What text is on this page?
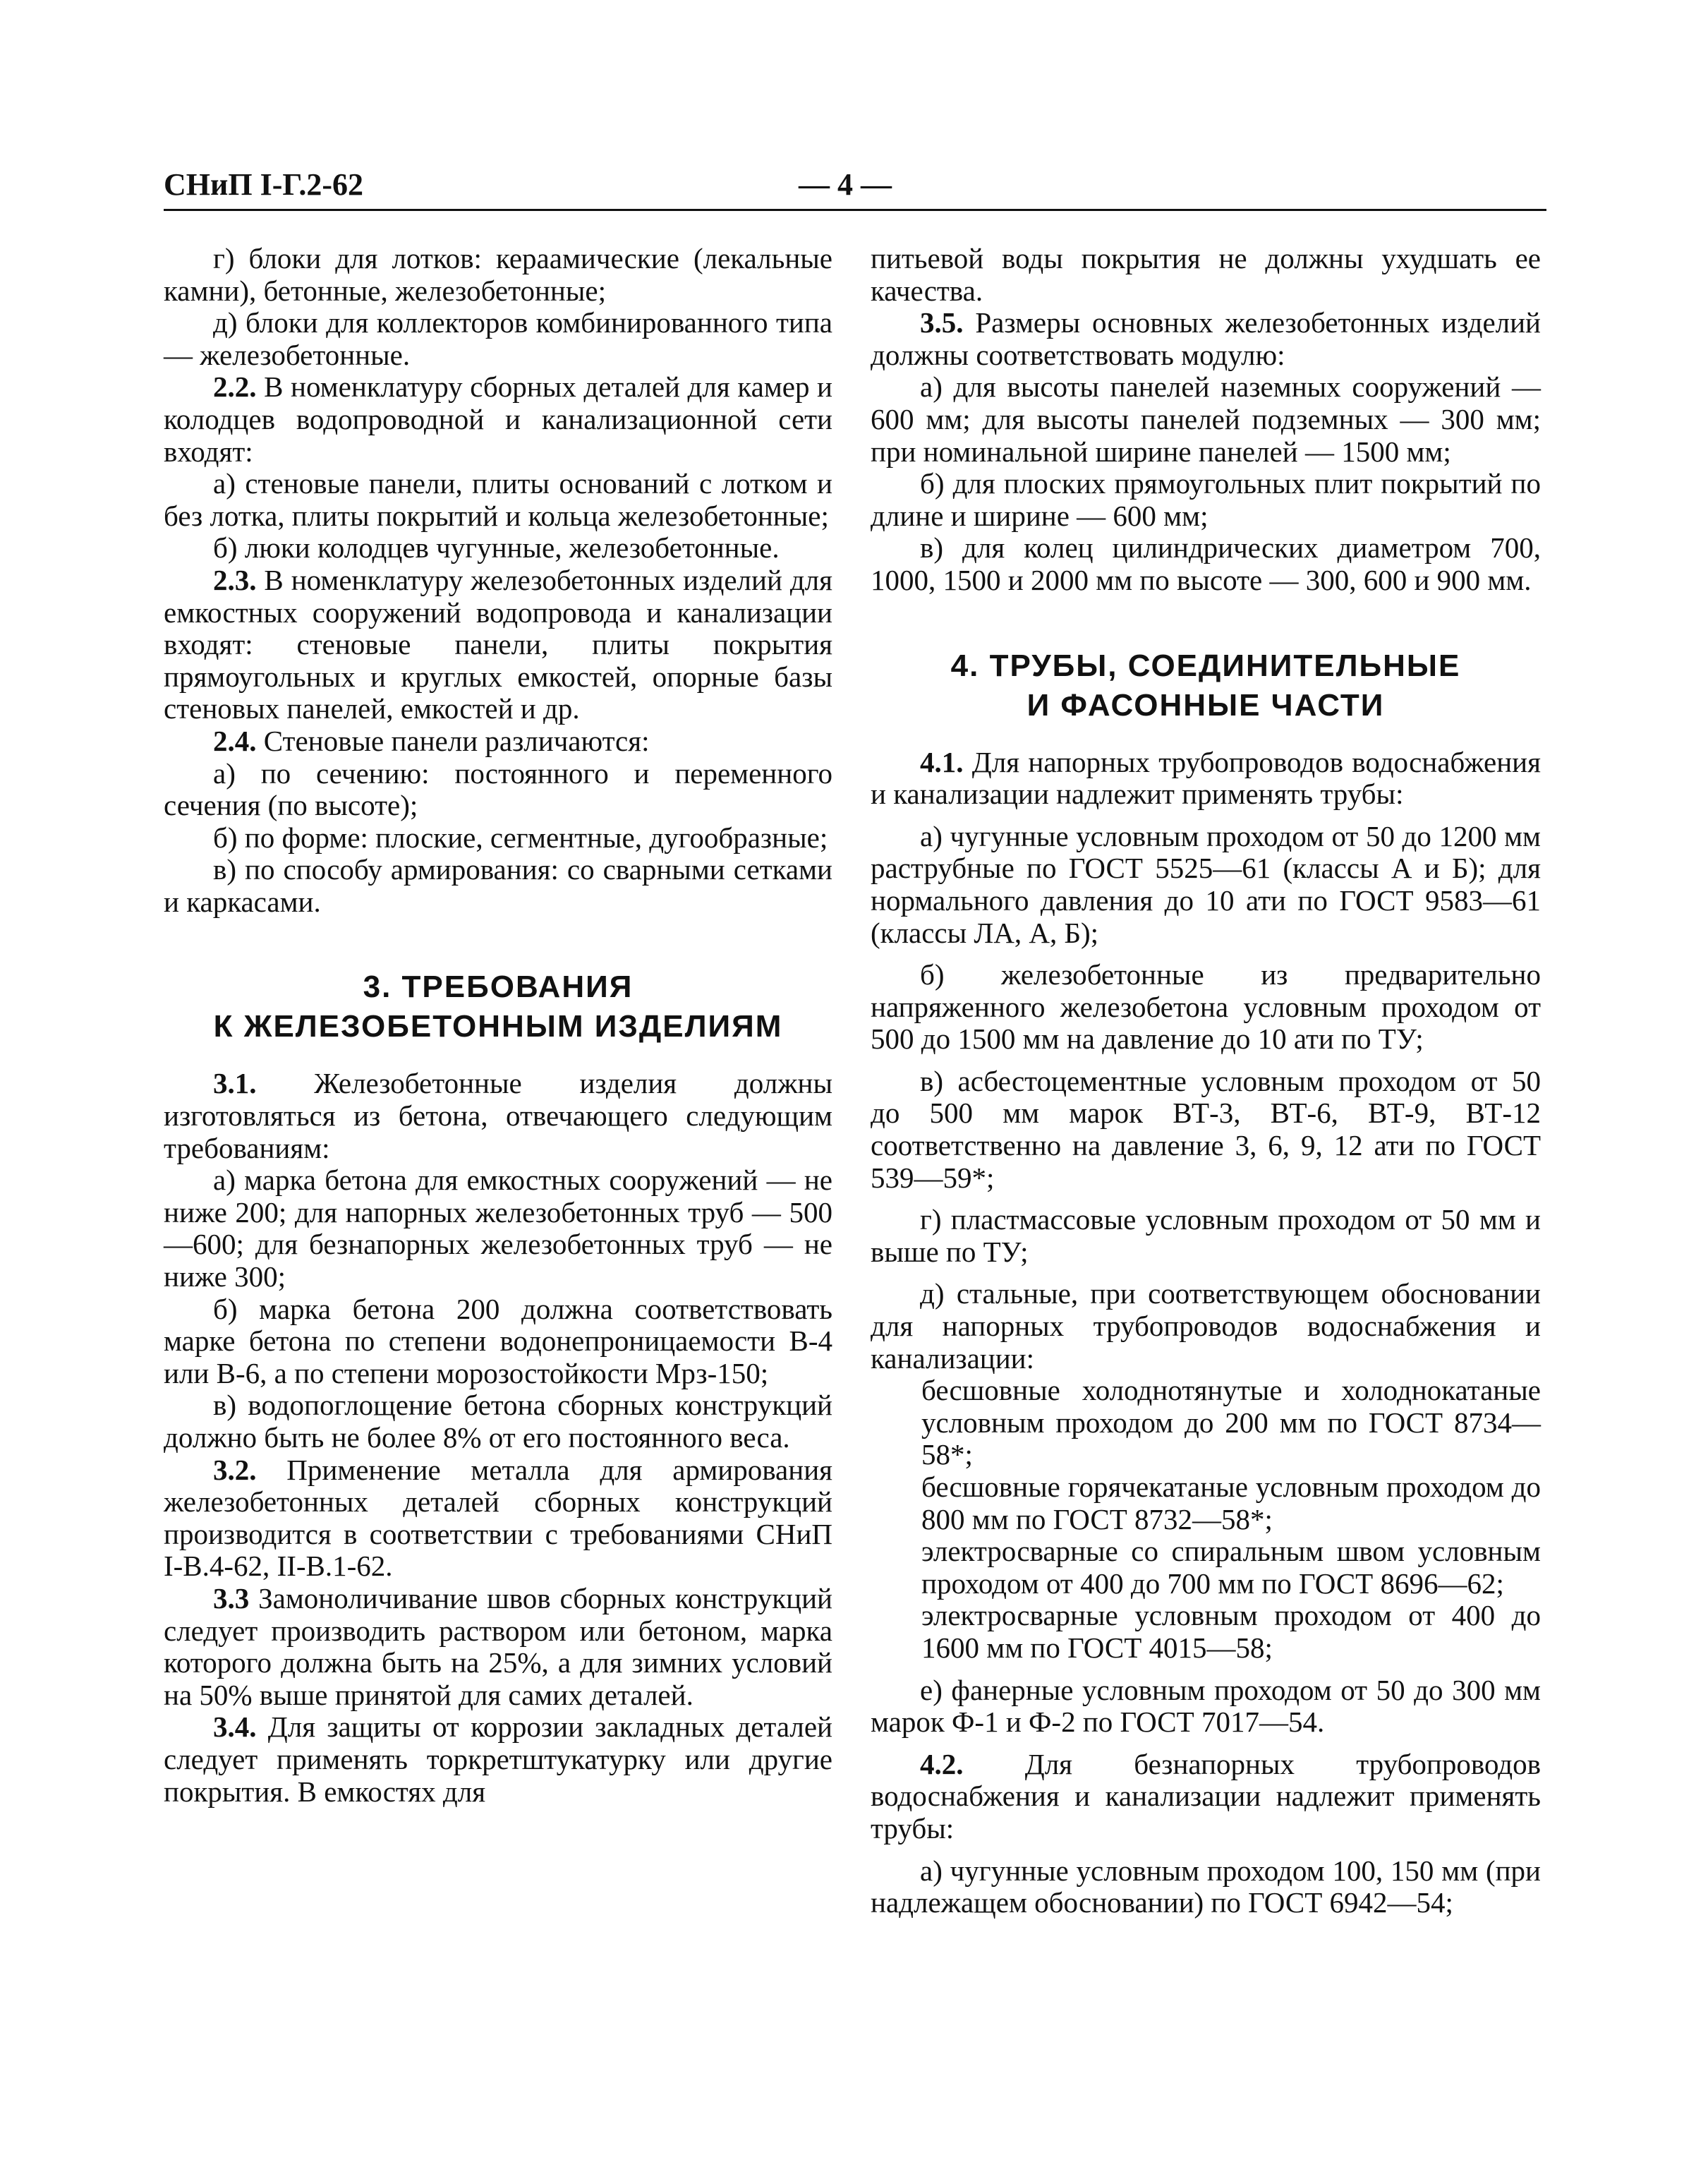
СНиП I-Г.2-62	— 4 —

г) блоки для лотков: кераамические (лекальные камни), бетонные, железобетонные;

д) блоки для коллекторов комбинированного типа — железобетонные.

2.2. В номенклатуру сборных деталей для камер и колодцев водопроводной и канализационной сети входят:

а) стеновые панели, плиты оснований с лотком и без лотка, плиты покрытий и кольца железобетонные;

б) люки колодцев чугунные, железобетонные.

2.3. В номенклатуру железобетонных изделий для емкостных сооружений водопровода и канализации входят: стеновые панели, плиты покрытия прямоугольных и круглых емкостей, опорные базы стеновых панелей, емкостей и др.

2.4. Стеновые панели различаются:

а) по сечению: постоянного и переменного сечения (по высоте);

б) по форме: плоские, сегментные, дугообразные;

в) по способу армирования: со сварными сетками и каркасами.

3. ТРЕБОВАНИЯ
К ЖЕЛЕЗОБЕТОННЫМ ИЗДЕЛИЯМ

3.1. Железобетонные изделия должны изготовляться из бетона, отвечающего следующим требованиям:

а) марка бетона для емкостных сооружений — не ниже 200; для напорных железобетонных труб — 500—600; для безнапорных железобетонных труб — не ниже 300;

б) марка бетона 200 должна соответствовать марке бетона по степени водонепроницаемости В-4 или В-6, а по степени морозостойкости Мрз-150;

в) водопоглощение бетона сборных конструкций должно быть не более 8% от его постоянного веса.

3.2. Применение металла для армирования железобетонных деталей сборных конструкций производится в соответствии с требованиями СНиП I-В.4-62, II-В.1-62.

3.3 Замоноличивание швов сборных конструкций следует производить раствором или бетоном, марка которого должна быть на 25%, а для зимних условий на 50% выше принятой для самих деталей.

3.4. Для защиты от коррозии закладных деталей следует применять торкретштукатурку или другие покрытия. В емкостях для

питьевой воды покрытия не должны ухудшать ее качества.

3.5. Размеры основных железобетонных изделий должны соответствовать модулю:

а) для высоты панелей наземных сооружений — 600 мм; для высоты панелей подземных — 300 мм; при номинальной ширине панелей — 1500 мм;

б) для плоских прямоугольных плит покрытий по длине и ширине — 600 мм;

в) для колец цилиндрических диаметром 700, 1000, 1500 и 2000 мм по высоте — 300, 600 и 900 мм.

4. ТРУБЫ, СОЕДИНИТЕЛЬНЫЕ
И ФАСОННЫЕ ЧАСТИ

4.1. Для напорных трубопроводов водоснабжения и канализации надлежит применять трубы:

а) чугунные условным проходом от 50 до 1200 мм раструбные по ГОСТ 5525—61 (классы А и Б); для нормального давления до 10 ати по ГОСТ 9583—61 (классы ЛА, А, Б);

б) железобетонные из предварительно напряженного железобетона условным проходом от 500 до 1500 мм на давление до 10 ати по ТУ;

в) асбестоцементные условным проходом от 50 до 500 мм марок ВТ-3, ВТ-6, ВТ-9, ВТ-12 соответственно на давление 3, 6, 9, 12 ати по ГОСТ 539—59*;

г) пластмассовые условным проходом от 50 мм и выше по ТУ;

д) стальные, при соответствующем обосновании для напорных трубопроводов водоснабжения и канализации:

бесшовные холоднотянутые и холоднокатаные условным проходом до 200 мм по ГОСТ 8734—58*;

бесшовные горячекатаные условным проходом до 800 мм по ГОСТ 8732—58*;

электросварные со спиральным швом условным проходом от 400 до 700 мм по ГОСТ 8696—62;

электросварные условным проходом от 400 до 1600 мм по ГОСТ 4015—58;

е) фанерные условным проходом от 50 до 300 мм марок Ф-1 и Ф-2 по ГОСТ 7017—54.

4.2. Для безнапорных трубопроводов водоснабжения и канализации надлежит применять трубы:

а) чугунные условным проходом 100, 150 мм (при надлежащем обосновании) по ГОСТ 6942—54;
